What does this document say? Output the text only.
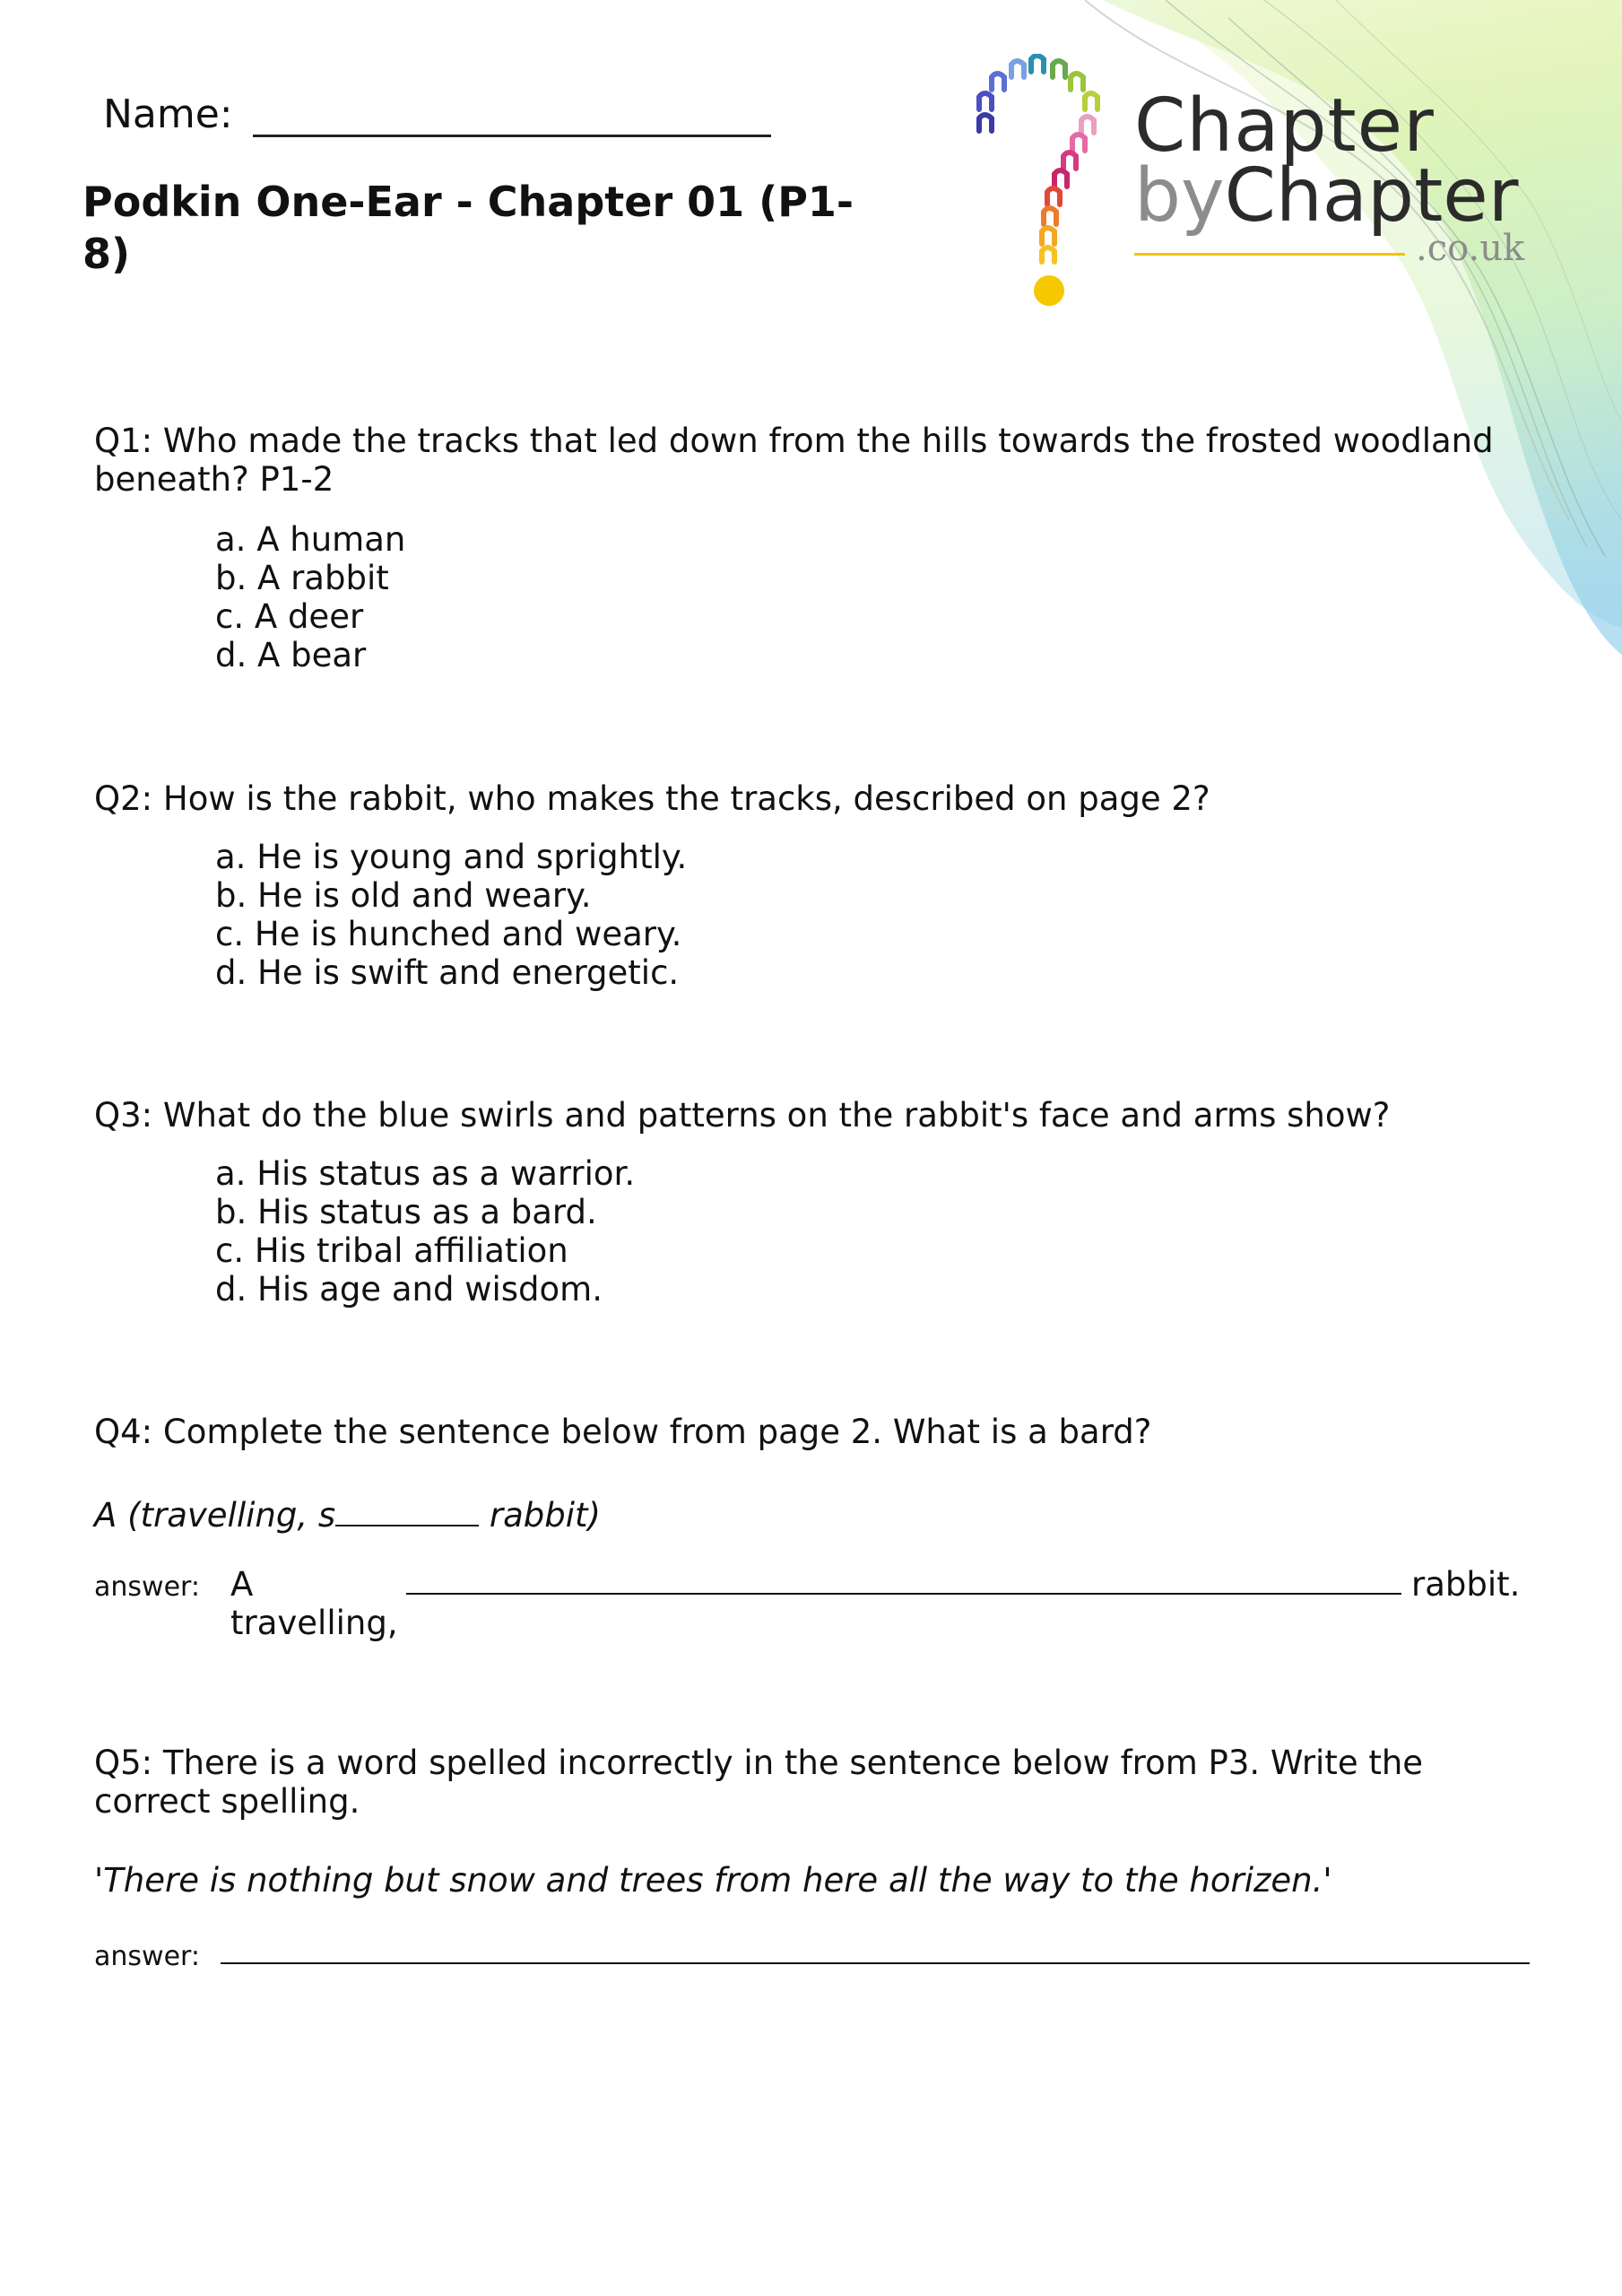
Name:
Podkin One-Ear - Chapter 01 (P1-8)
Chapter
byChapter
.co.uk
Q1: Who made the tracks that led down from the hills towards the frosted woodland beneath? P1-2
a. A human
b. A rabbit
c. A deer
d. A bear
Q2: How is the rabbit, who makes the tracks, described on page 2?
a. He is young and sprightly.
b. He is old and weary.
c. He is hunched and weary.
d. He is swift and energetic.
Q3: What do the blue swirls and patterns on the rabbit's face and arms show?
a. His status as a warrior.
b. His status as a bard.
c. His tribal affiliation
d. His age and wisdom.
Q4: Complete the sentence below from page 2. What is a bard?
A (travelling, s	rabbit)
answer: A
travelling,
rabbit.
Q5: There is a word spelled incorrectly in the sentence below from P3. Write the correct spelling.
'There is nothing but snow and trees from here all the way to the horizen.'
answer:
